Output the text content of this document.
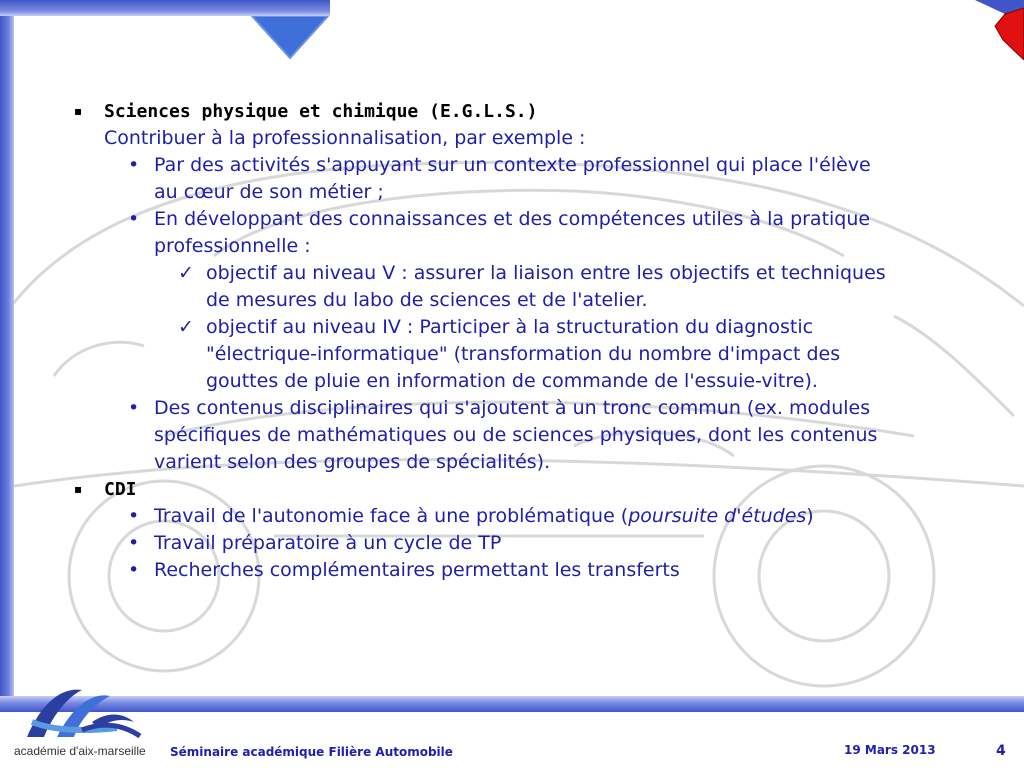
▪ Sciences physique et chimique (E.G.L.S.)
Contribuer à la professionnalisation, par exemple :
• Par des activités s'appuyant sur un contexte professionnel qui place l'élève
au cœur de son métier ;
• En développant des connaissances et des compétences utiles à la pratique
professionnelle :
✓ objectif au niveau V : assurer la liaison entre les objectifs et techniques
de mesures du labo de sciences et de l'atelier.
✓ objectif au niveau IV : Participer à la structuration du diagnostic
"électrique-informatique" (transformation du nombre d'impact des
gouttes de pluie en information de commande de l'essuie-vitre).
• Des contenus disciplinaires qui s'ajoutent à un tronc commun (ex. modules
spécifiques de mathématiques ou de sciences physiques, dont les contenus
varient selon des groupes de spécialités).
▪ CDI
• Travail de l'autonomie face à une problématique (poursuite d'études)
• Travail préparatoire à un cycle de TP
• Recherches complémentaires permettant les transferts
académie d'aix-marseille Séminaire académique Filière Automobile	19 Mars 2013	4
